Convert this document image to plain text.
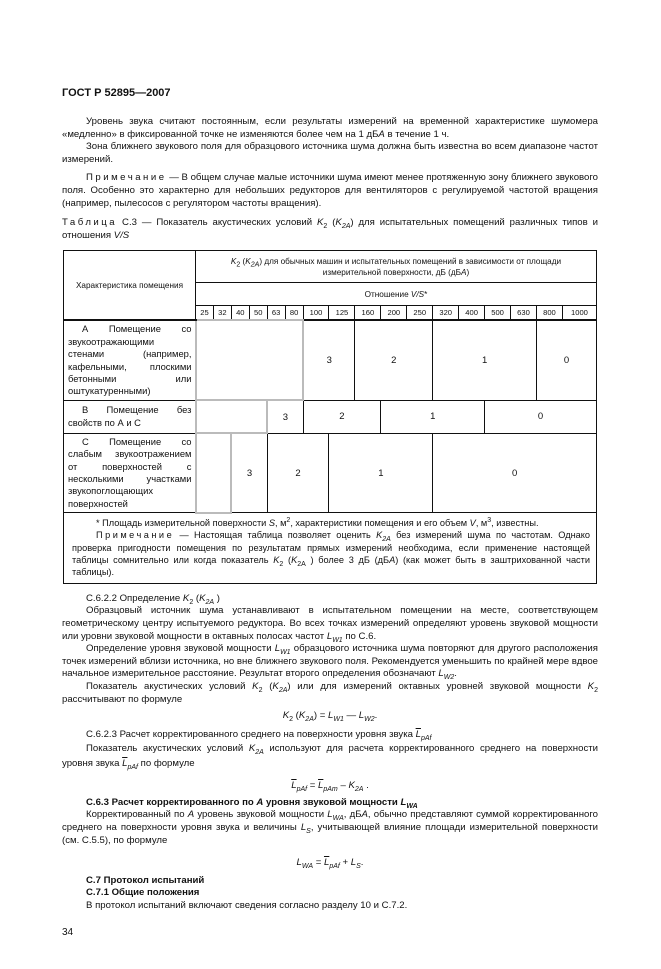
ГОСТ Р 52895—2007

Уровень звука считают постоянным, если результаты измерений на временной характеристике шумомера «медленно» в фиксированной точке не изменяются более чем на 1 дБА в течение 1 ч.

Зона ближнего звукового поля для образцового источника шума должна быть известна во всем диапазоне частот измерений.

Примечание — В общем случае малые источники шума имеют менее протяженную зону ближнего звукового поля. Особенно это характерно для небольших редукторов для вентиляторов с регулируемой частотой вращения (например, пылесосов с регулятором частоты вращения).

Таблица С.3 — Показатель акустических условий $K_2$ $(K_{2A})$ для испытательных помещений различных типов и отношения V/S

Характеристика помещения	$K_2$ $(K_{2A})$ для обычных машин и испытательных помещений в зависимости от площади измерительной поверхности, дБ (дБА)																
	Отношение V/S*																
	25	32	40	50	63	80	100	125	160	200	250	320	400	500	630	800	1000
А Помещение со звукоотражающими стенами (например, кафельными, плоскими бетонными или оштукатуренными)							3		2			1				0	
В Помещение без свойств по А и С					3		2			1				0			
С Помещение со слабым звукоотражением от поверхностей с несколькими участками звукопоглощающих поверхностей			3		2			1				0					

* Площадь измерительной поверхности S, $м^2$, характеристики помещения и его объем V, $м^3$, известны.

Примечание — Настоящая таблица позволяет оценить $K_{2A}$ без измерений шума по частотам. Однако проверка пригодности помещения по результатам прямых измерений необходима, если применение настоящей таблицы сомнительно или когда показатель $K_2$ ($K_{2A}$ ) более 3 дБ (дБА) (как может быть в заштрихованной части таблицы).																	

С.6.2.2 Определение $K_2$ ($K_{2A}$ )

Образцовый источник шума устанавливают в испытательном помещении на месте, соответствующем геометрическому центру испытуемого редуктора. Во всех точках измерений определяют уровень звуковой мощности или уровни звуковой мощности в октавных полосах частот $L_{W1}$ по С.6.

Определение уровня звуковой мощности $L_{W1}$ образцового источника шума повторяют для другого расположения точек измерений вблизи источника, но вне ближнего звукового поля. Рекомендуется уменьшить по крайней мере вдвое начальное измерительное расстояние. Результат второго определения обозначают $L_{W2}$.

Показатель акустических условий $K_2$ $(K_{2A})$ или для измерений октавных уровней звуковой мощности $K_2$ рассчитывают по формуле

$K_2$ $(K_{2A}) = L_{W1}$ — $L_{W2}$.

С.6.2.3 Расчет корректированного среднего на поверхности уровня звука $\overline{L}_{pAf}$

Показатель акустических условий $K_{2A}$ используют для расчета корректированного среднего на поверхности уровня звука $\overline{L}_{pAf}$ по формуле

$\overline{L}_{pAf} = \overline{L}_{pAm} - K_{2A}$ .

С.6.3 Расчет корректированного по A уровня звуковой мощности $L_{WA}$

Корректированный по A уровень звуковой мощности $L_{WA}$, дБА, обычно представляют суммой корректированного среднего на поверхности уровня звука и величины $L_S$, учитывающей влияние площади измерительной поверхности (см. С.5.5), по формуле

$L_{WA} = \overline{L}_{pAf} + L_S$.

С.7 Протокол испытаний

С.7.1 Общие положения

В протокол испытаний включают сведения согласно разделу 10 и С.7.2.

34
